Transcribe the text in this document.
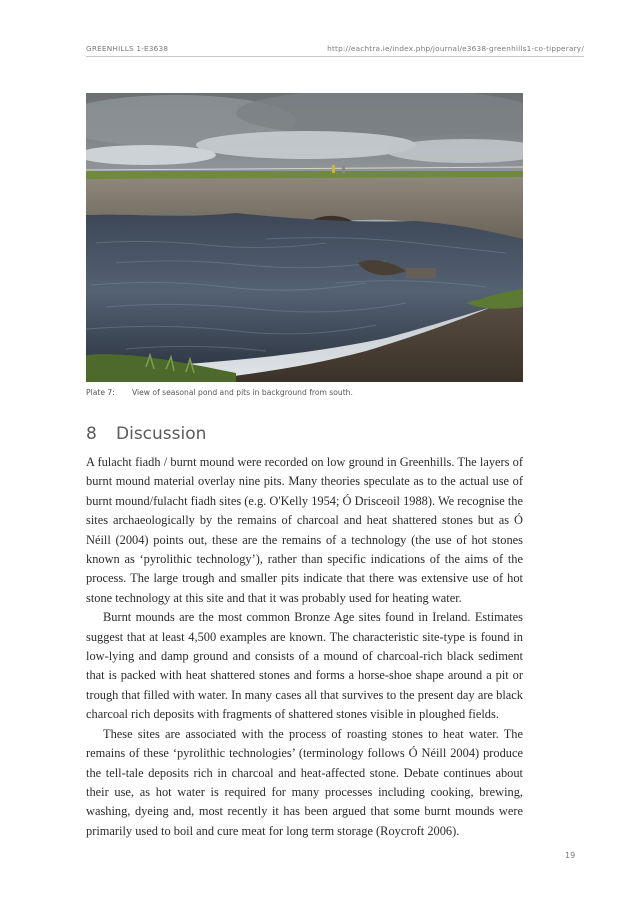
GREENHILLS 1-E3638	http://eachtra.ie/index.php/journal/e3638-greenhills1-co-tipperary/
Plate 7: View of seasonal pond and pits in background from south.
8 Discussion

A fulacht fiadh / burnt mound were recorded on low ground in Greenhills. The layers of burnt mound material overlay nine pits. Many theories speculate as to the actual use of burnt mound/fulacht fiadh sites (e.g. O'Kelly 1954; Ó Drisceoil 1988). We recognise the sites archaeologically by the remains of charcoal and heat shattered stones but as Ó Néill (2004) points out, these are the remains of a technology (the use of hot stones known as ‘pyrolithic technology’), rather than specific indications of the aims of the process. The large trough and smaller pits indicate that there was extensive use of hot stone technology at this site and that it was probably used for heating water.

Burnt mounds are the most common Bronze Age sites found in Ireland. Estimates suggest that at least 4,500 examples are known. The characteristic site-type is found in low-lying and damp ground and consists of a mound of charcoal-rich black sediment that is packed with heat shattered stones and forms a horse-shoe shape around a pit or trough that filled with water. In many cases all that survives to the present day are black charcoal rich deposits with fragments of shattered stones visible in ploughed fields.

These sites are associated with the process of roasting stones to heat water. The remains of these ‘pyrolithic technologies’ (terminology follows Ó Néill 2004) produce the tell-tale deposits rich in charcoal and heat-affected stone. Debate continues about their use, as hot water is required for many processes including cooking, brewing, washing, dyeing and, most recently it has been argued that some burnt mounds were primarily used to boil and cure meat for long term storage (Roycroft 2006).

19
